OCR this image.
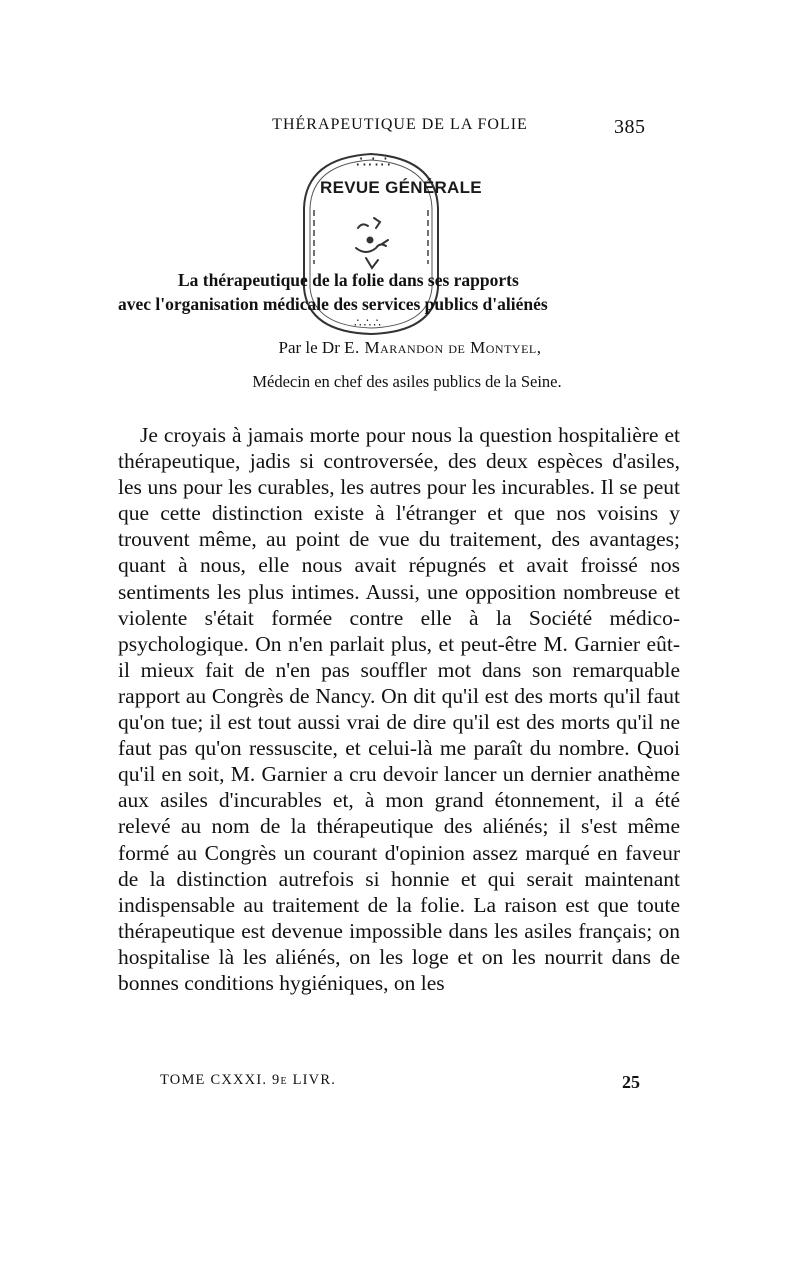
THÉRAPEUTIQUE DE LA FOLIE	385
∴∴∴
REVUE GÉNÉRALE
∴∴∴
La thérapeutique de la folie dans ses rapports
avec l'organisation médicale des services publics d'aliénés
Par le Dr E. Marandon de Montyel,
Médecin en chef des asiles publics de la Seine.

Je croyais à jamais morte pour nous la question hospitalière et thérapeutique, jadis si controversée, des deux espèces d'asiles, les uns pour les curables, les autres pour les incurables. Il se peut que cette distinction existe à l'étranger et que nos voisins y trouvent même, au point de vue du traitement, des avantages; quant à nous, elle nous avait répugnés et avait froissé nos sentiments les plus intimes. Aussi, une opposition nombreuse et violente s'était formée contre elle à la Société médico-psychologique. On n'en parlait plus, et peut-être M. Garnier eût-il mieux fait de n'en pas souffler mot dans son remarquable rapport au Congrès de Nancy. On dit qu'il est des morts qu'il faut qu'on tue; il est tout aussi vrai de dire qu'il est des morts qu'il ne faut pas qu'on ressuscite, et celui-là me paraît du nombre. Quoi qu'il en soit, M. Garnier a cru devoir lancer un dernier anathème aux asiles d'incurables et, à mon grand étonnement, il a été relevé au nom de la thérapeutique des aliénés; il s'est même formé au Congrès un courant d'opinion assez marqué en faveur de la distinction autrefois si honnie et qui serait maintenant indispensable au traitement de la folie. La raison est que toute thérapeutique est devenue impossible dans les asiles français; on hospitalise là les aliénés, on les loge et on les nourrit dans de bonnes conditions hygiéniques, on les

TOME CXXXI. 9e LIVR.	25
